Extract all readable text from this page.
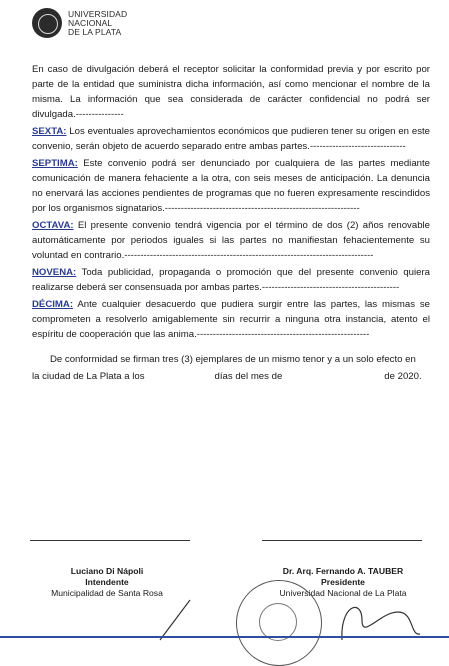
UNIVERSIDAD
NACIONAL
DE LA PLATA

En caso de divulgación deberá el receptor solicitar la conformidad previa y por escrito por parte de la entidad que suministra dicha información, así como mencionar el nombre de la misma. La información que sea considerada de carácter confidencial no podrá ser divulgada.---------------

SEXTA: Los eventuales aprovechamientos económicos que pudieren tener su origen en este convenio, serán objeto de acuerdo separado entre ambas partes.------------------------------

SEPTIMA: Este convenio podrá ser denunciado por cualquiera de las partes mediante comunicación de manera fehaciente a la otra, con seis meses de anticipación. La denuncia no enervará las acciones pendientes de programas que no fueren expresamente rescindidos por los organismos signatarios.-------------------------------------------------------------

OCTAVA: El presente convenio tendrá vigencia por el término de dos (2) años renovable automáticamente por periodos iguales si las partes no manifiestan fehacientemente su voluntad en contrario.------------------------------------------------------------------------------

NOVENA: Toda publicidad, propaganda o promoción que del presente convenio quiera realizarse deberá ser consensuada por ambas partes.-------------------------------------------

DÉCIMA: Ante cualquier desacuerdo que pudiera surgir entre las partes, las mismas se comprometen a resolverlo amigablemente sin recurrir a ninguna otra instancia, atento el espíritu de cooperación que las anima.------------------------------------------------------

De conformidad se firman tres (3) ejemplares de un mismo tenor y a un solo efecto en

la ciudad de La Plata a los	días del mes de	de 2020.

Luciano Di Nápoli
Intendente
Municipalidad de Santa Rosa
Dr. Arq. Fernando A. TAUBER
Presidente
Universidad Nacional de La Plata
